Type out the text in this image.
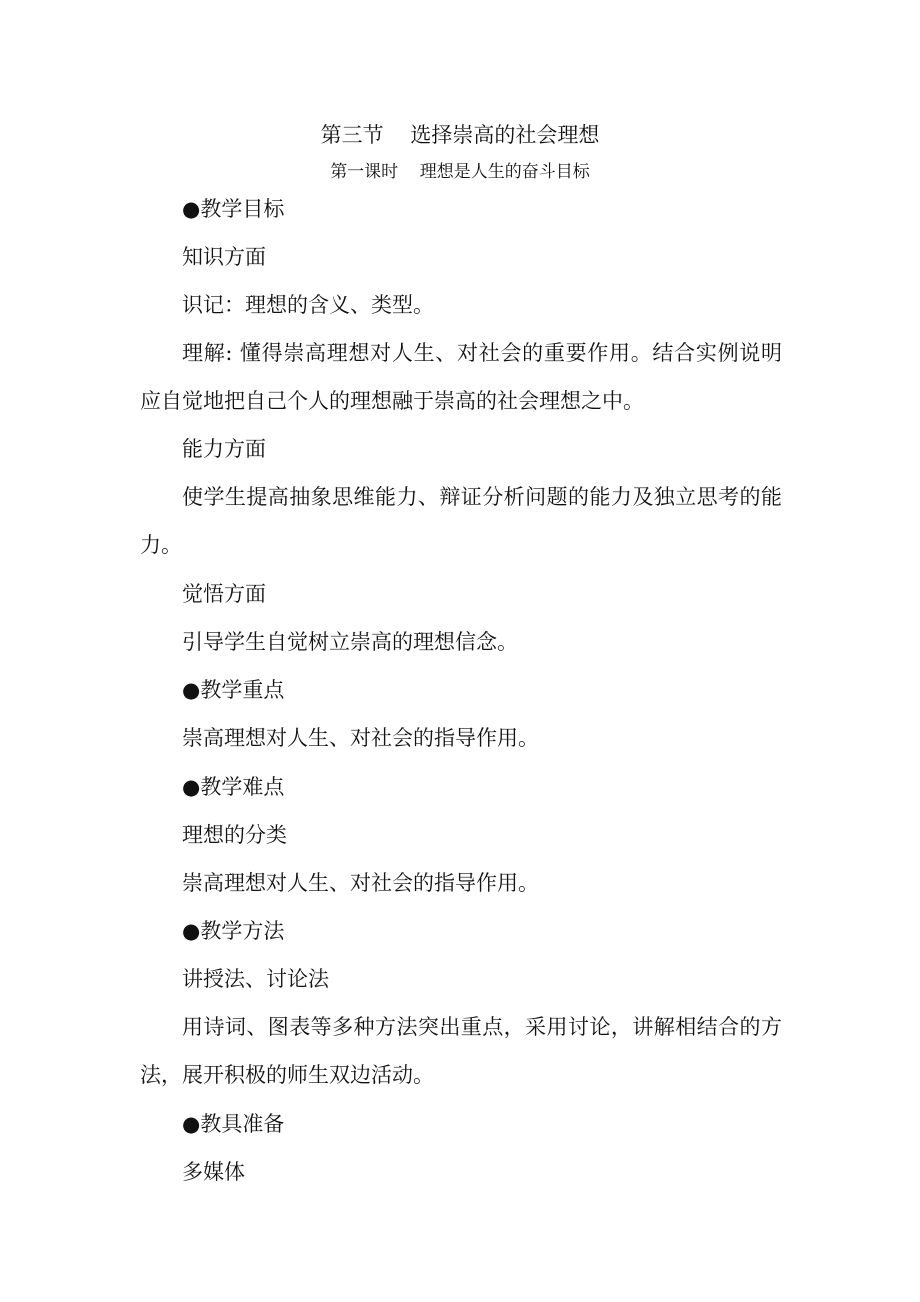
第三节    选择崇高的社会理想
第一课时    理想是人生的奋斗目标
●教学目标
知识方面
识记：理想的含义、类型。
理解: 懂得崇高理想对人生、对社会的重要作用。结合实例说明应自觉地把自己个人的理想融于崇高的社会理想之中。
能力方面
使学生提高抽象思维能力、辩证分析问题的能力及独立思考的能力。
觉悟方面
引导学生自觉树立崇高的理想信念。
●教学重点
崇高理想对人生、对社会的指导作用。
●教学难点
理想的分类
崇高理想对人生、对社会的指导作用。
●教学方法
讲授法、讨论法
用诗词、图表等多种方法突出重点，采用讨论，讲解相结合的方法，展开积极的师生双边活动。
●教具准备
多媒体
